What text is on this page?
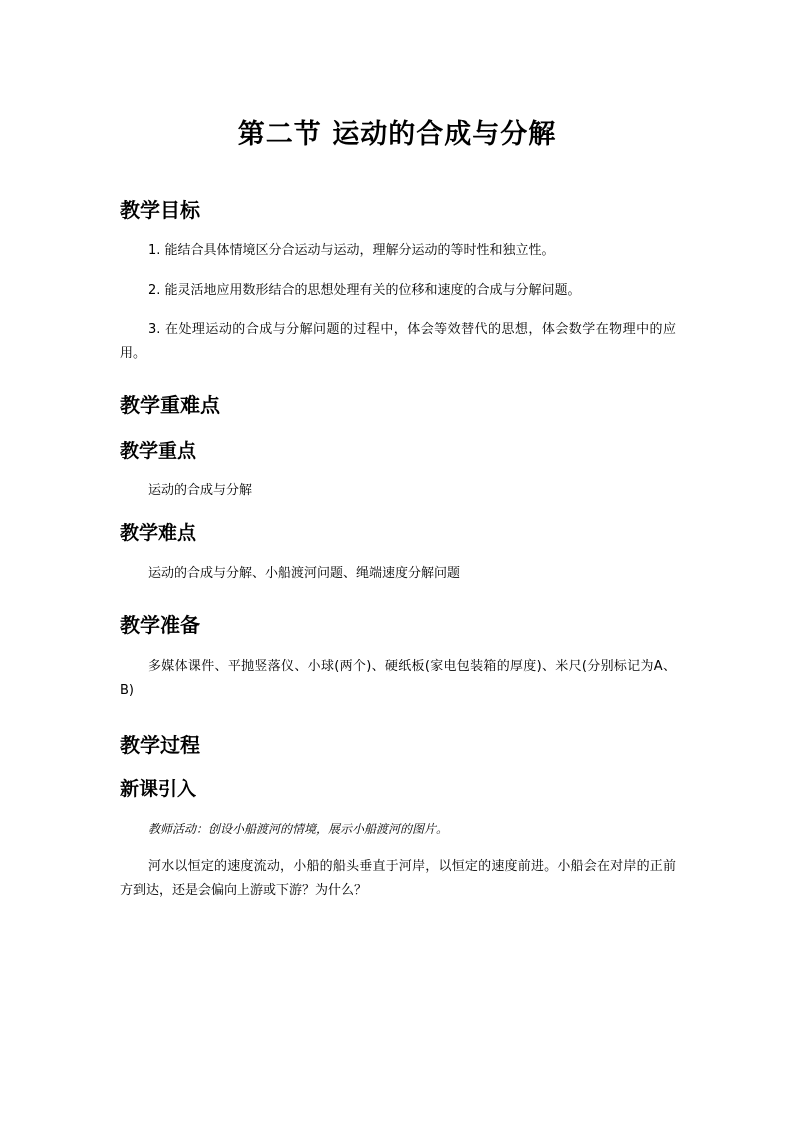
第二节 运动的合成与分解
教学目标
1. 能结合具体情境区分合运动与运动，理解分运动的等时性和独立性。
2. 能灵活地应用数形结合的思想处理有关的位移和速度的合成与分解问题。
3. 在处理运动的合成与分解问题的过程中，体会等效替代的思想，体会数学在物理中的应用。
教学重难点
教学重点
运动的合成与分解
教学难点
运动的合成与分解、小船渡河问题、绳端速度分解问题
教学准备
多媒体课件、平抛竖落仪、小球(两个)、硬纸板(家电包装箱的厚度)、米尺(分别标记为A、B)
教学过程
新课引入
教师活动：创设小船渡河的情境，展示小船渡河的图片。
河水以恒定的速度流动，小船的船头垂直于河岸，以恒定的速度前进。小船会在对岸的正前方到达，还是会偏向上游或下游？为什么？
